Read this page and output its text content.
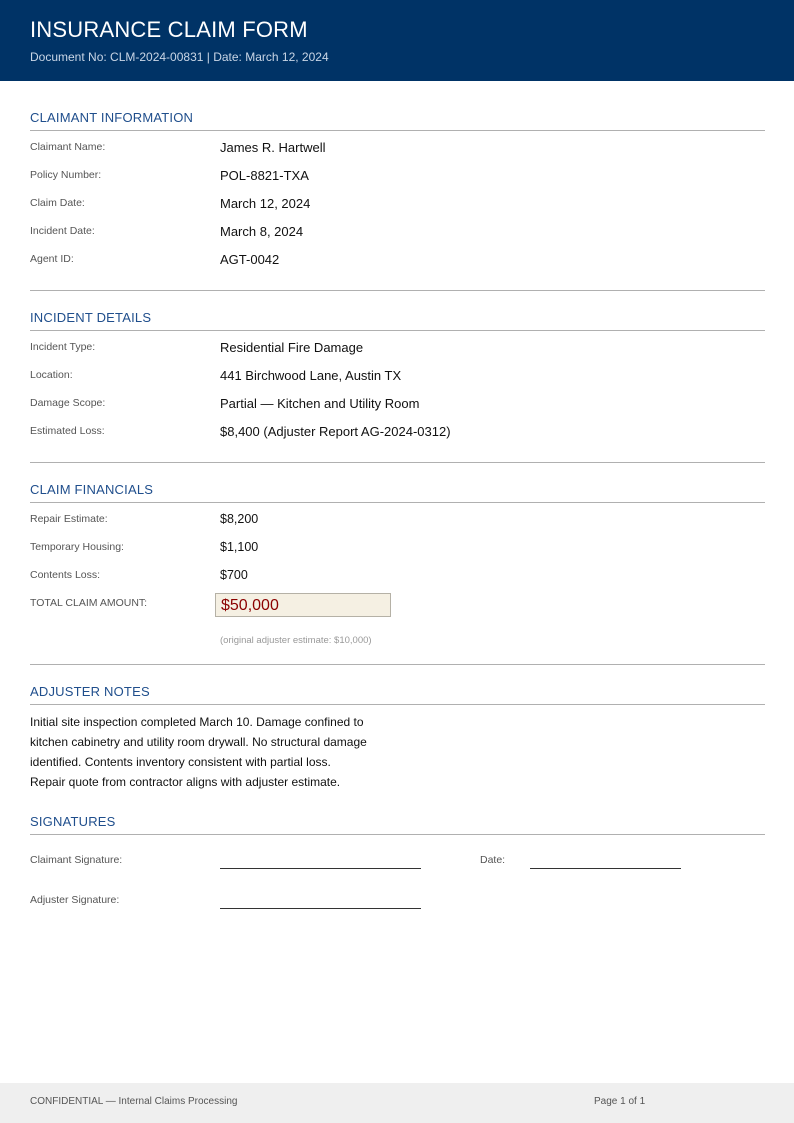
INSURANCE CLAIM FORM
Document No: CLM-2024-00831 | Date: March 12, 2024
CLAIMANT INFORMATION
Claimant Name:	James R. Hartwell
Policy Number:	POL-8821-TXA
Claim Date:	March 12, 2024
Incident Date:	March 8, 2024
Agent ID:	AGT-0042
INCIDENT DETAILS
Incident Type:	Residential Fire Damage
Location:	441 Birchwood Lane, Austin TX
Damage Scope:	Partial — Kitchen and Utility Room
Estimated Loss:	$8,400 (Adjuster Report AG-2024-0312)
CLAIM FINANCIALS
Repair Estimate:	$8,200
Temporary Housing:	$1,100
Contents Loss:	$700
TOTAL CLAIM AMOUNT:	$50,000
(original adjuster estimate: $10,000)
ADJUSTER NOTES
Initial site inspection completed March 10. Damage confined to
kitchen cabinetry and utility room drywall. No structural damage
identified. Contents inventory consistent with partial loss.
Repair quote from contractor aligns with adjuster estimate.
SIGNATURES
Claimant Signature:	Date:
Adjuster Signature:
CONFIDENTIAL — Internal Claims Processing	Page 1 of 1
